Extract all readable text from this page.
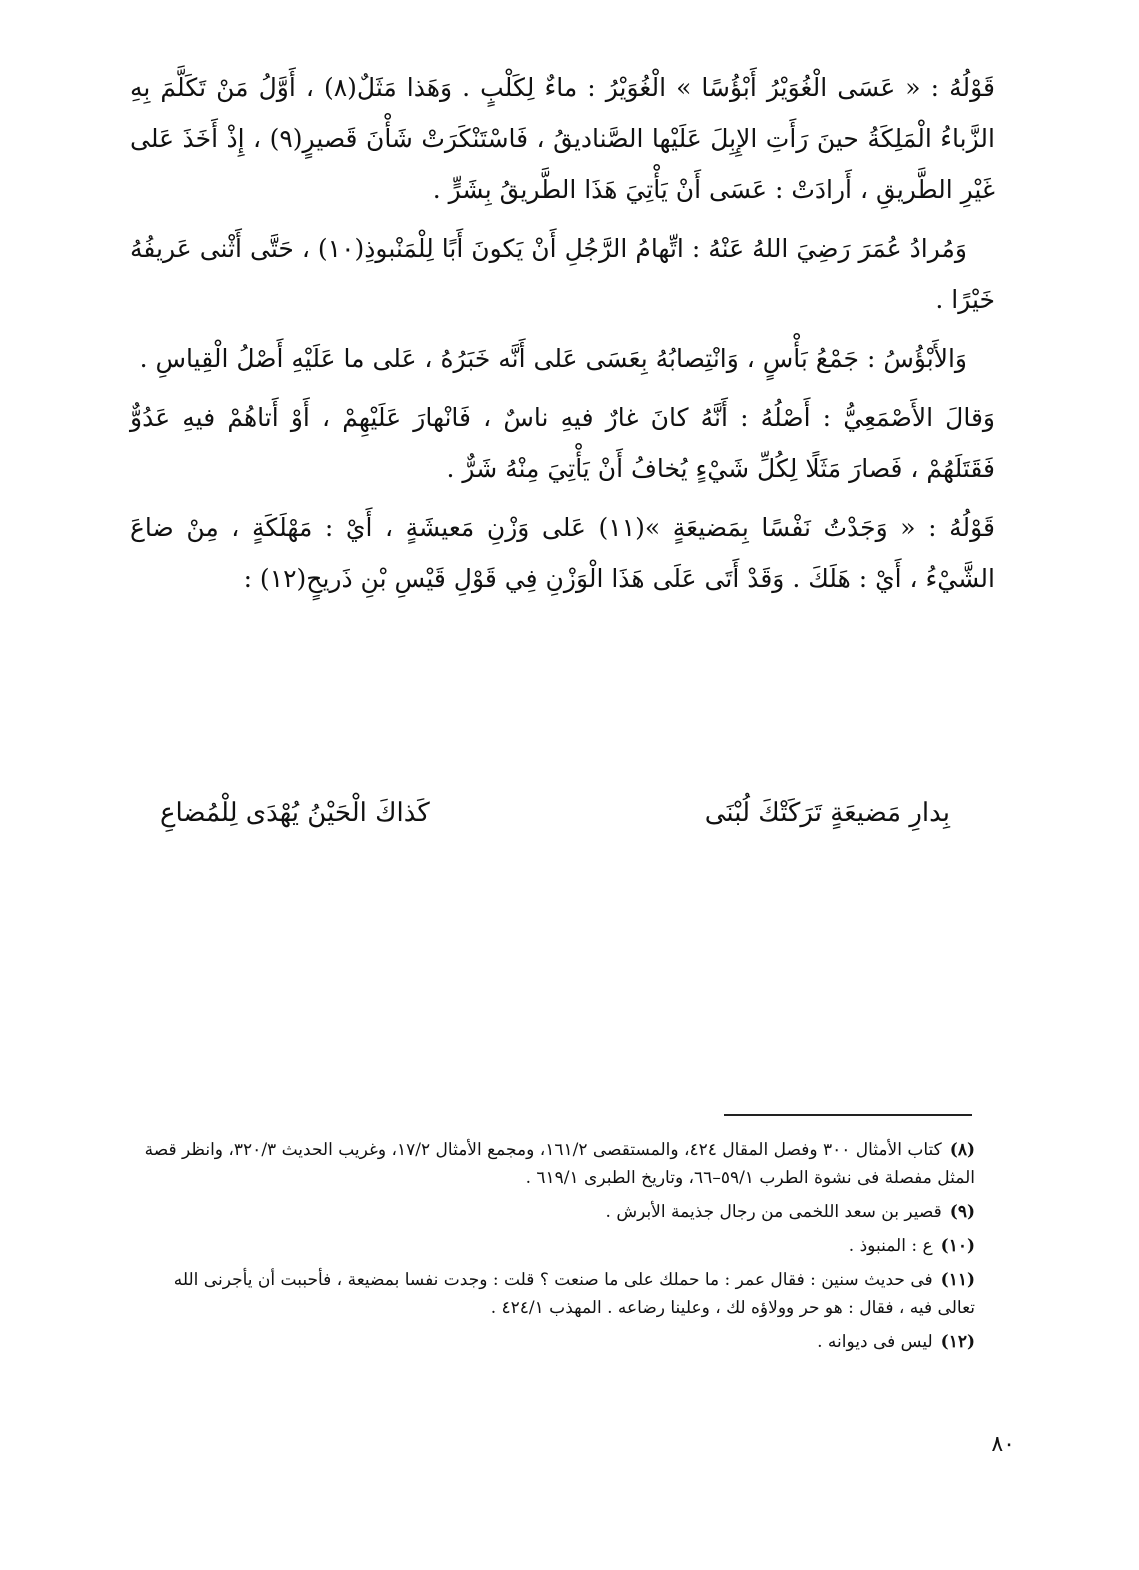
قَوْلُهُ : « عَسَى الْغُوَيْرُ أَبْؤُسًا » الْغُوَيْرُ : ماءٌ لِكَلْبٍ . وَهَذا مَثَلٌ(٨) ، أَوَّلُ مَنْ تَكَلَّمَ بِهِ الزَّباءُ الْمَلِكَةُ حينَ رَأَتِ الإِبِلَ عَلَيْها الصَّناديقُ ، فَاسْتَنْكَرَتْ شَأْنَ قَصيرٍ(٩) ، إِذْ أَخَذَ عَلى غَيْرِ الطَّريقِ ، أَرادَتْ : عَسَى أَنْ يَأْتِيَ هَذَا الطَّريقُ بِشَرٍّ .

وَمُرادُ عُمَرَ رَضِيَ اللهُ عَنْهُ : اتِّهامُ الرَّجُلِ أَنْ يَكونَ أَبًا لِلْمَنْبوذِ(١٠) ، حَتَّى أَثْنى عَريفُهُ خَيْرًا .

وَالأَبْؤُسُ : جَمْعُ بَأْسٍ ، وَانْتِصابُهُ بِعَسَى عَلى أَنَّه خَبَرُهُ ، عَلى ما عَلَيْهِ أَصْلُ الْقِياسِ .

وَقالَ الأَصْمَعِيُّ : أَصْلُهُ : أَنَّهُ كانَ غارٌ فيهِ ناسٌ ، فَانْهارَ عَلَيْهِمْ ، أَوْ أَتاهُمْ فيهِ عَدُوٌّ فَقَتَلَهُمْ ، فَصارَ مَثَلًا لِكُلِّ شَيْءٍ يُخافُ أَنْ يَأْتِيَ مِنْهُ شَرٌّ .

قَوْلُهُ : « وَجَدْتُ نَفْسًا بِمَضيعَةٍ »(١١) عَلى وَزْنِ مَعيشَةٍ ، أَيْ : مَهْلَكَةٍ ، مِنْ ضاعَ الشَّيْءُ ، أَيْ : هَلَكَ . وَقَدْ أَتَى عَلَى هَذَا الْوَزْنِ فِي قَوْلِ قَيْسِ بْنِ ذَريحٍ(١٢) :

بِدارِ مَضيعَةٍ تَرَكَتْكَ لُبْنَى
كَذاكَ الْحَيْنُ يُهْدَى لِلْمُضاعِ
(٨)كتاب الأمثال ٣٠٠ وفصل المقال ٤٢٤، والمستقصى ١٦١/٢، ومجمع الأمثال ١٧/٢، وغريب الحديث ٣٢٠/٣، وانظر قصة المثل مفصلة فى نشوة الطرب ٥٩/١–٦٦، وتاريخ الطبرى ٦١٩/١ .
(٩)قصير بن سعد اللخمى من رجال جذيمة الأبرش .
(١٠)ع : المنبوذ .
(١١)فى حديث سنين : فقال عمر : ما حملك على ما صنعت ؟ قلت : وجدت نفسا بمضيعة ، فأحببت أن يأجرنى الله تعالى فيه ، فقال : هو حر وولاؤه لك ، وعلينا رضاعه . المهذب ٤٢٤/١ .
(١٢)ليس فى ديوانه .
٨٠
